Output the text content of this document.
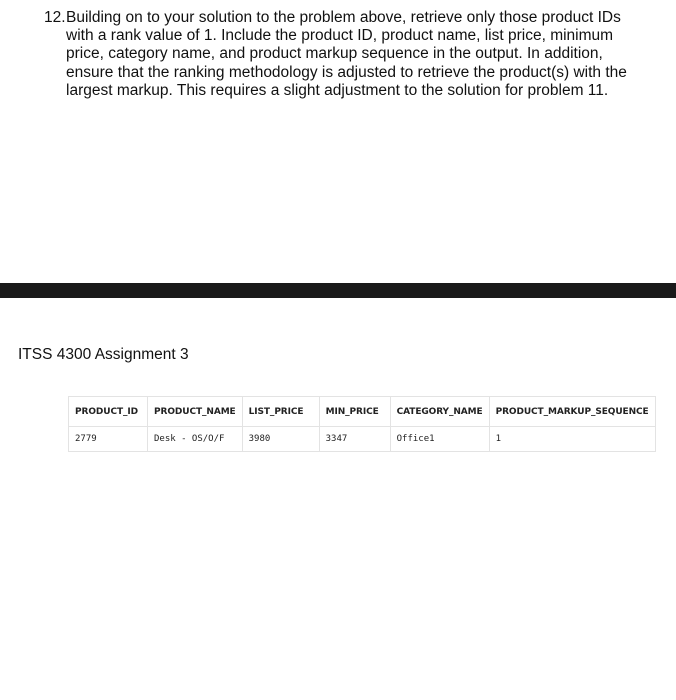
12. Building on to your solution to the problem above, retrieve only those product IDs with a rank value of 1. Include the product ID, product name, list price, minimum price, category name, and product markup sequence in the output. In addition, ensure that the ranking methodology is adjusted to retrieve the product(s) with the largest markup. This requires a slight adjustment to the solution for problem 11.
ITSS 4300 Assignment 3
PRODUCT_ID	PRODUCT_NAME	LIST_PRICE	MIN_PRICE	CATEGORY_NAME	PRODUCT_MARKUP_SEQUENCE
2779	Desk - OS/O/F	3980	3347	Office1	1
